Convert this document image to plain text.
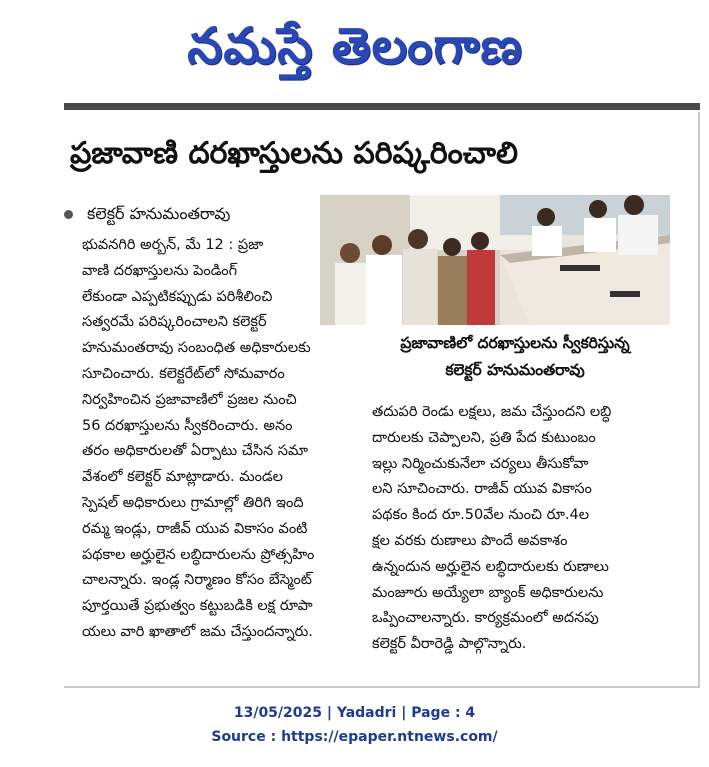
నమస్తే తెలంగాణ
ప్రజావాణి దరఖాస్తులను పరిష్కరించాలి
కలెక్టర్ హనుమంతరావు
భువనగిరి అర్బన్, మే 12 : ప్రజా
వాణి దరఖాస్తులను పెండింగ్
లేకుండా ఎప్పటికప్పుడు పరిశీలించి
సత్వరమే పరిష్కరించాలని కలెక్టర్
హనుమంతరావు సంబంధిత అధికారులకు
సూచించారు. కలెక్టరేట్‌లో సోమవారం
నిర్వహించిన ప్రజావాణిలో ప్రజల నుంచి
56 దరఖాస్తులను స్వీకరించారు. అనం
తరం అధికారులతో ఏర్పాటు చేసిన సమా
వేశంలో కలెక్టర్ మాట్లాడారు. మండల
స్పెషల్ అధికారులు గ్రామాల్లో తిరిగి ఇంది
రమ్మ ఇండ్లు, రాజీవ్ యువ వికాసం వంటి
పథకాల అర్హులైన లబ్ధిదారులను ప్రోత్సహిం
చాలన్నారు. ఇండ్ల నిర్మాణం కోసం బేస్మెంట్
పూర్తయితే ప్రభుత్వం కట్టుబడికి లక్ష రూపా
యలు వారి ఖాతాలో జమ చేస్తుందన్నారు.
ప్రజావాణిలో దరఖాస్తులను స్వీకరిస్తున్న
కలెక్టర్ హనుమంతరావు
తదుపరి రెండు లక్షలు, జమ చేస్తుందని లబ్ధి
దారులకు చెప్పాలని, ప్రతి పేద కుటుంబం
ఇల్లు నిర్మించుకునేలా చర్యలు తీసుకోవా
లని సూచించారు. రాజీవ్ యువ వికాసం
పథకం కింద రూ.50వేల నుంచి రూ.4ల
క్షల వరకు రుణాలు పొందే అవకాశం
ఉన్నందున అర్హులైన లబ్ధిదారులకు రుణాలు
మంజూరు అయ్యేలా బ్యాంక్ అధికారులను
ఒప్పించాలన్నారు. కార్యక్రమంలో అదనపు
కలెక్టర్ వీరారెడ్డి పాల్గొన్నారు.
13/05/2025 | Yadadri | Page : 4
Source : https://epaper.ntnews.com/
